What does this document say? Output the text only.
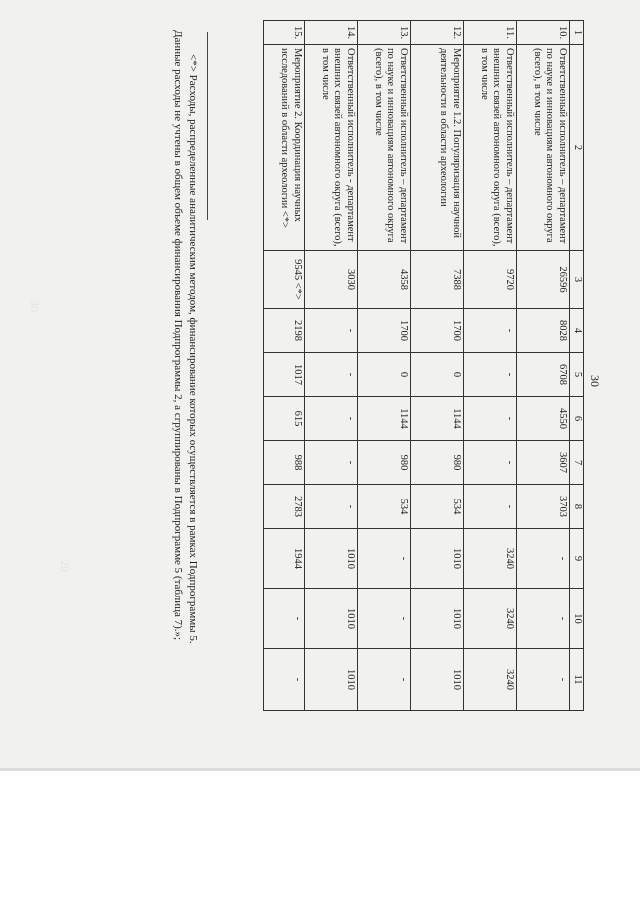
20
30
30
1	2	3	4	5	6	7	8	9	10	11
10.	Ответственный исполнитель – департамент по науке и инновациям автономного округа (всего), в том числе	26596	8028	6708	4550	3607	3703	-	-	-
11.	Ответственный исполнитель – департамент внешних связей автономного округа (всего), в том числе	9720	-	-	-	-	-	3240	3240	3240
12.	Мероприятие 1.2. Популяризация научной деятельности в области археологии	7388	1700	0	1144	980	534	1010	1010	1010
13.	Ответственный исполнитель – департамент по науке и инновациям автономного округа (всего), в том числе	4358	1700	0	1144	980	534	-	-	-
14.	Ответственный исполнитель - департамент внешних связей автономного округа (всего), в том числе	3030	-	-	-	-	-	1010	1010	1010
15.	Мероприятие 2. Координация научных исследований в области археологии <*>	9545 <*>	2198	1017	615	988	2783	1944	-	-
<*> Расходы, распределенные аналитическим методом, финансирование которых осуществляется в рамках Подпрограммы 5. Данные расходы не учтены в общем объеме финансирования Подпрограммы 2, а сгруппированы в Подпрограмме 5 (таблица 7).»;
